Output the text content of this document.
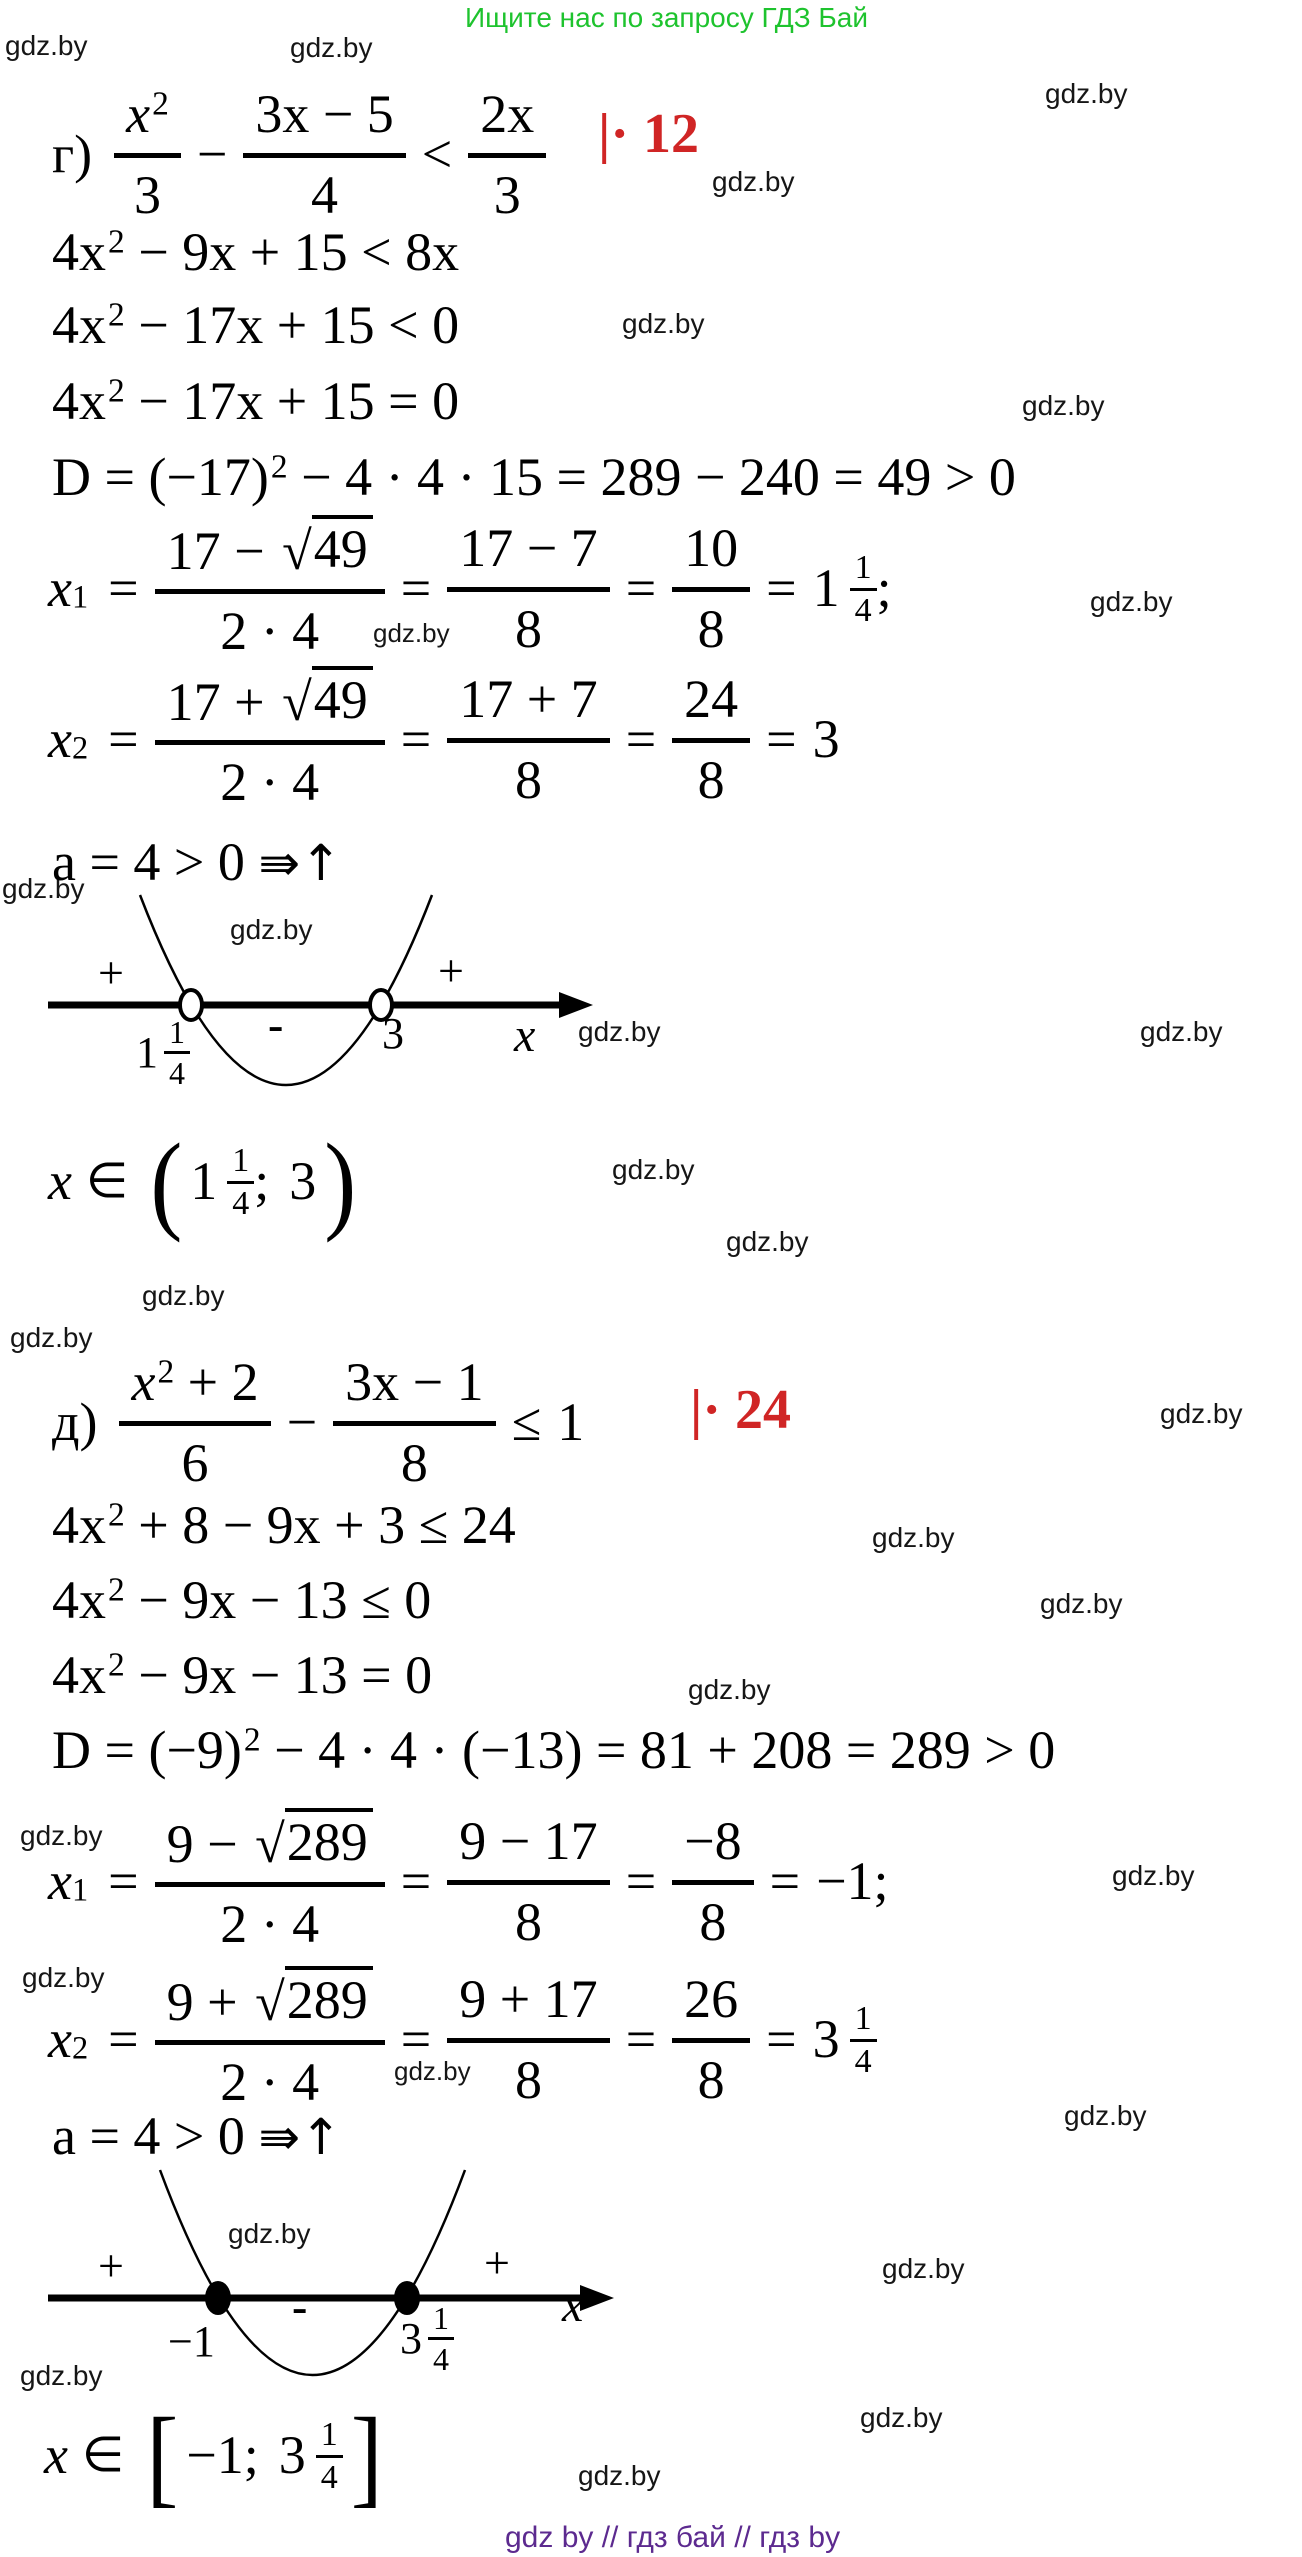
Ищите нас по запросу ГДЗ Бай
gdz.by	gdz.by
gdz.by
gdz.by
gdz.by
gdz.by
gdz.by
gdz.by
gdz.by
gdz.by
gdz.by	gdz.by
gdz.by
gdz.by
gdz.by
gdz.by
gdz.by
gdz.by
gdz.by
gdz.by
gdz.by
gdz.by
gdz.by
gdz.by
gdz.by
gdz.by
gdz.by
gdz.by
gdz.by
gdz.by
$г) \frac{x2}{3} - \frac{3x - 5}{4} < \frac{2x}{3}$ |· 12
4x2 − 9x + 15 < 8x
4x2 − 17x + 15 < 0
4x2 − 17x + 15 = 0
D = (−17)2 − 4 · 4 · 15 = 289 − 240 = 49 > 0
x $1 = \frac{17 - √49}{2 \cdot 4} = \frac{17 - 7}{8} = \frac{10}{8} = 1$ 1
4 ;
x $2 = \frac{17 + √49}{2 \cdot 4} = \frac{17 + 7}{8} = \frac{24}{8} = 3$
a = 4 > 0 ⇛↑
+	+
-
1 1
4
3 x
x ∈ ( 1 1
4 ; 3 )
$д) \frac{x2 + 2}{6} - \frac{3x - 1}{8} \le 1$ |· 24
4x2 + 8 − 9x + 3 ≤ 24
4x2 − 9x − 13 ≤ 0
4x2 − 9x − 13 = 0
D = (−9)2 − 4 · 4 · (−13) = 81 + 208 = 289 > 0
x $1 = \frac{9 - √289}{2 \cdot 4} = \frac{9 - 17}{8} = \frac{-8}{8} = -1$;
x $2 = \frac{9 + √289}{2 \cdot 4} = \frac{9 + 17}{8} = \frac{26}{8} = 3$ 1
4
a = 4 > 0 ⇛↑
+	+
-
−1	3 1
4
x
x ∈ [ −1 ; 3 1
4 ]
gdz by // гдз бай // гдз by
